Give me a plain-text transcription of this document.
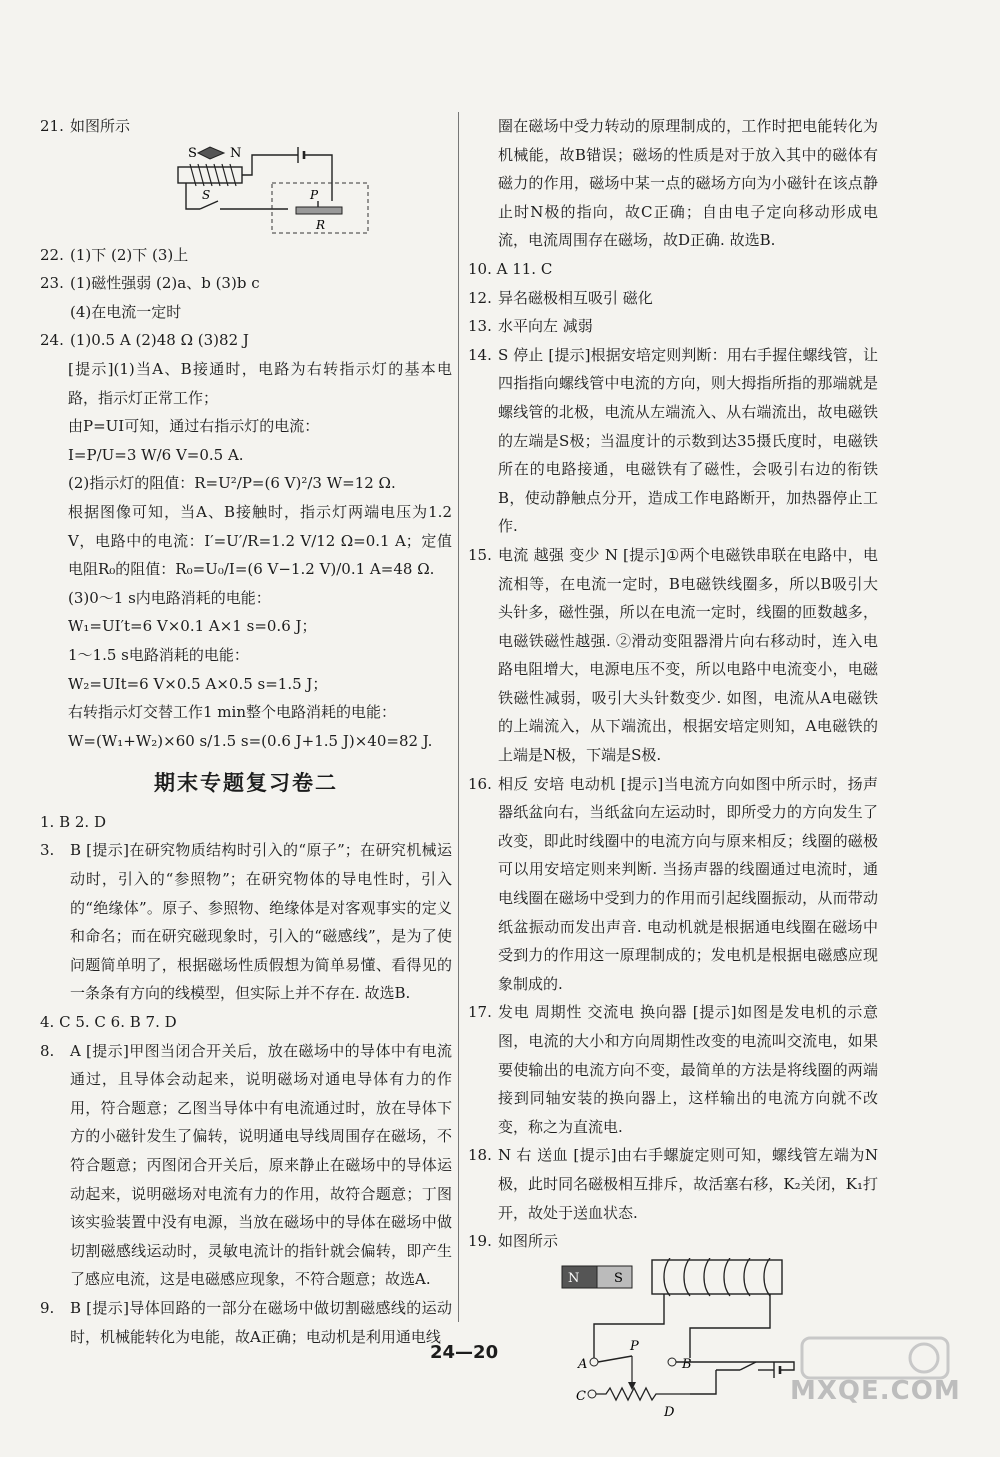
21. 如图所示
S	N
S	P
R
22. (1)下 (2)下 (3)上
23. (1)磁性强弱 (2)a、b (3)b c
(4)在电流一定时
24. (1)0.5 A (2)48 Ω (3)82 J
[提示](1)当A、B接通时，电路为右转指示灯的基本电路，指示灯正常工作；
由P=UI可知，通过右指示灯的电流：
I=P/U=3 W/6 V=0.5 A.
(2)指示灯的阻值：R=U²/P=(6 V)²/3 W=12 Ω.
根据图像可知，当A、B接触时，指示灯两端电压为1.2 V，电路中的电流：I′=U′/R=1.2 V/12 Ω=0.1 A；定值电阻R₀的阻值：R₀=U₀/I=(6 V−1.2 V)/0.1 A=48 Ω.
(3)0～1 s内电路消耗的电能：
W₁=UI′t=6 V×0.1 A×1 s=0.6 J；
1～1.5 s电路消耗的电能：
W₂=UIt=6 V×0.5 A×0.5 s=1.5 J；
右转指示灯交替工作1 min整个电路消耗的电能：
W=(W₁+W₂)×60 s/1.5 s=(0.6 J+1.5 J)×40=82 J.
期末专题复习卷二
1. B 2. D
3.	B [提示]在研究物质结构时引入的“原子”；在研究机械运动时，引入的“参照物”；在研究物体的导电性时，引入的“绝缘体”。原子、参照物、绝缘体是对客观事实的定义和命名；而在研究磁现象时，引入的“磁感线”，是为了使问题简单明了，根据磁场性质假想为简单易懂、看得见的一条条有方向的线模型，但实际上并不存在. 故选B.
4. C 5. C 6. B 7. D
8.	A [提示]甲图当闭合开关后，放在磁场中的导体中有电流通过，且导体会动起来，说明磁场对通电导体有力的作用，符合题意；乙图当导体中有电流通过时，放在导体下方的小磁针发生了偏转，说明通电导线周围存在磁场，不符合题意；丙图闭合开关后，原来静止在磁场中的导体运动起来，说明磁场对电流有力的作用，故符合题意；丁图该实验装置中没有电源，当放在磁场中的导体在磁场中做切割磁感线运动时，灵敏电流计的指针就会偏转，即产生了感应电流，这是电磁感应现象，不符合题意；故选A.
9.	B [提示]导体回路的一部分在磁场中做切割磁感线的运动时，机械能转化为电能，故A正确；电动机是利用通电线
圈在磁场中受力转动的原理制成的，工作时把电能转化为机械能，故B错误；磁场的性质是对于放入其中的磁体有磁力的作用，磁场中某一点的磁场方向为小磁针在该点静止时N极的指向，故C正确；自由电子定向移动形成电流，电流周围存在磁场，故D正确. 故选B.
10. A 11. C
12. 异名磁极相互吸引 磁化
13. 水平向左 减弱
14. S 停止 [提示]根据安培定则判断：用右手握住螺线管，让四指指向螺线管中电流的方向，则大拇指所指的那端就是螺线管的北极，电流从左端流入、从右端流出，故电磁铁的左端是S极；当温度计的示数到达35摄氏度时，电磁铁所在的电路接通，电磁铁有了磁性，会吸引右边的衔铁B，使动静触点分开，造成工作电路断开，加热器停止工作.
15. 电流 越强 变少 N [提示]①两个电磁铁串联在电路中，电流相等，在电流一定时，B电磁铁线圈多，所以B吸引大头针多，磁性强，所以在电流一定时，线圈的匝数越多，电磁铁磁性越强. ②滑动变阻器滑片向右移动时，连入电路电阻增大，电源电压不变，所以电路中电流变小，电磁铁磁性减弱，吸引大头针数变少. 如图，电流从A电磁铁的上端流入，从下端流出，根据安培定则知，A电磁铁的上端是N极，下端是S极.
16. 相反 安培 电动机 [提示]当电流方向如图中所示时，扬声器纸盆向右，当纸盆向左运动时，即所受力的方向发生了改变，即此时线圈中的电流方向与原来相反；线圈的磁极可以用安培定则来判断. 当扬声器的线圈通过电流时，通电线圈在磁场中受到力的作用而引起线圈振动，从而带动纸盆振动而发出声音. 电动机就是根据通电线圈在磁场中受到力的作用这一原理制成的；发电机是根据电磁感应现象制成的.
17. 发电 周期性 交流电 换向器 [提示]如图是发电机的示意图，电流的大小和方向周期性改变的电流叫交流电，如果要使输出的电流方向不变，最简单的方法是将线圈的两端接到同轴安装的换向器上，这样输出的电流方向就不改变，称之为直流电.
18. N 右 送血 [提示]由右手螺旋定则可知，螺线管左端为N极，此时同名磁极相互排斥，故活塞右移，K₂关闭，K₁打开，故处于送血状态.
19. 如图所示
N	S
A
P
B
C
D
24—20
MXQE.COM
